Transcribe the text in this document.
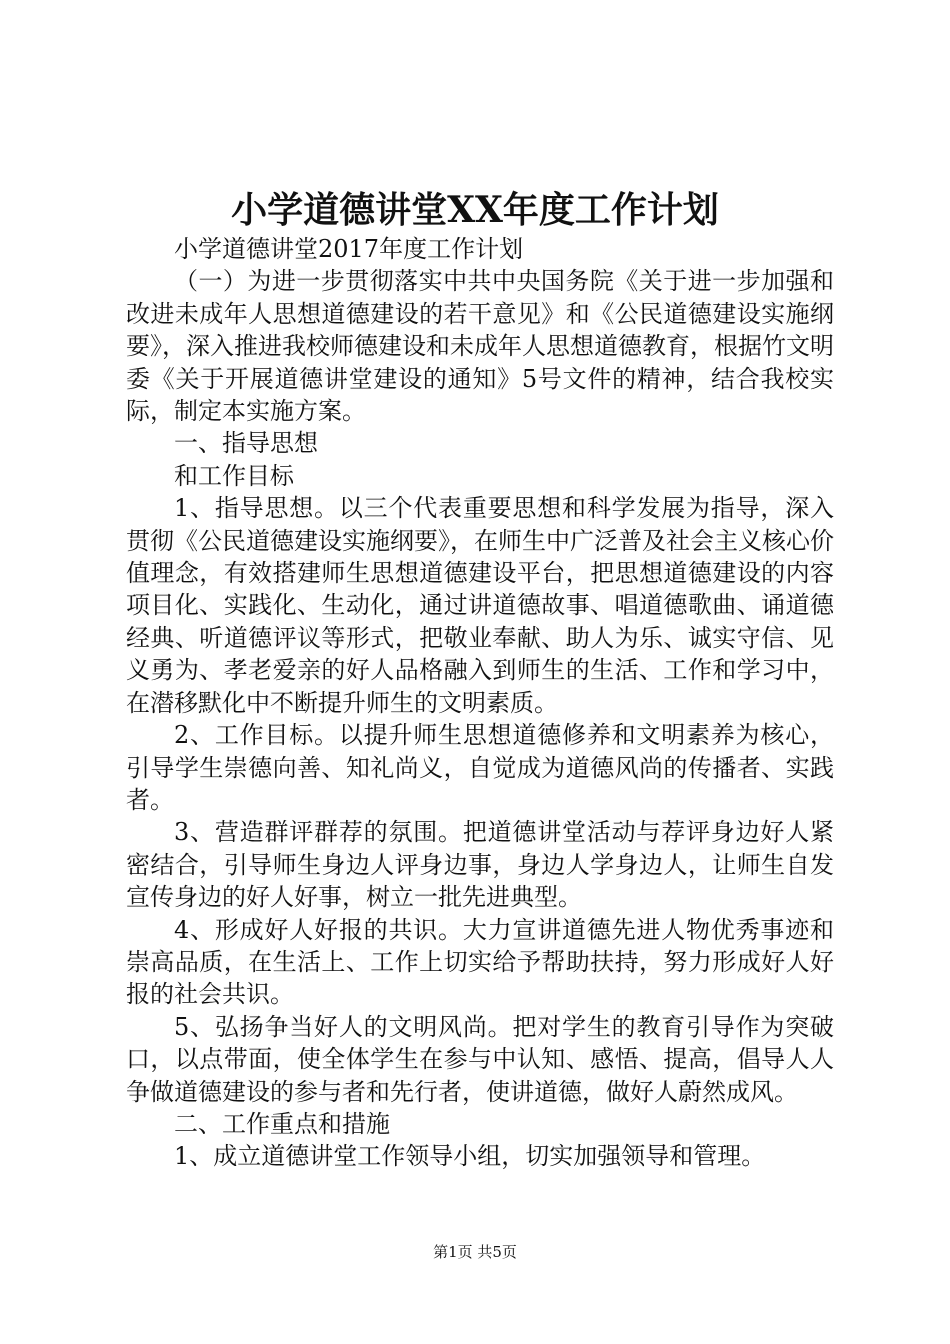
小学道德讲堂XX年度工作计划

小学道德讲堂2017年度工作计划

（一）为进一步贯彻落实中共中央国务院《关于进一步加强和改进未成年人思想道德建设的若干意见》和《公民道德建设实施纲要》，深入推进我校师德建设和未成年人思想道德教育，根据竹文明委《关于开展道德讲堂建设的通知》5号文件的精神，结合我校实际，制定本实施方案。

一、指导思想

和工作目标

1、指导思想。以三个代表重要思想和科学发展为指导，深入贯彻《公民道德建设实施纲要》，在师生中广泛普及社会主义核心价值理念，有效搭建师生思想道德建设平台，把思想道德建设的内容项目化、实践化、生动化，通过讲道德故事、唱道德歌曲、诵道德经典、听道德评议等形式，把敬业奉献、助人为乐、诚实守信、见义勇为、孝老爱亲的好人品格融入到师生的生活、工作和学习中，在潜移默化中不断提升师生的文明素质。

2、工作目标。以提升师生思想道德修养和文明素养为核心，引导学生崇德向善、知礼尚义，自觉成为道德风尚的传播者、实践者。

3、营造群评群荐的氛围。把道德讲堂活动与荐评身边好人紧密结合，引导师生身边人评身边事，身边人学身边人，让师生自发宣传身边的好人好事，树立一批先进典型。

4、形成好人好报的共识。大力宣讲道德先进人物优秀事迹和崇高品质，在生活上、工作上切实给予帮助扶持，努力形成好人好报的社会共识。

5、弘扬争当好人的文明风尚。把对学生的教育引导作为突破口，以点带面，使全体学生在参与中认知、感悟、提高，倡导人人争做道德建设的参与者和先行者，使讲道德，做好人蔚然成风。

二、工作重点和措施

1、成立道德讲堂工作领导小组，切实加强领导和管理。

第1页 共5页
